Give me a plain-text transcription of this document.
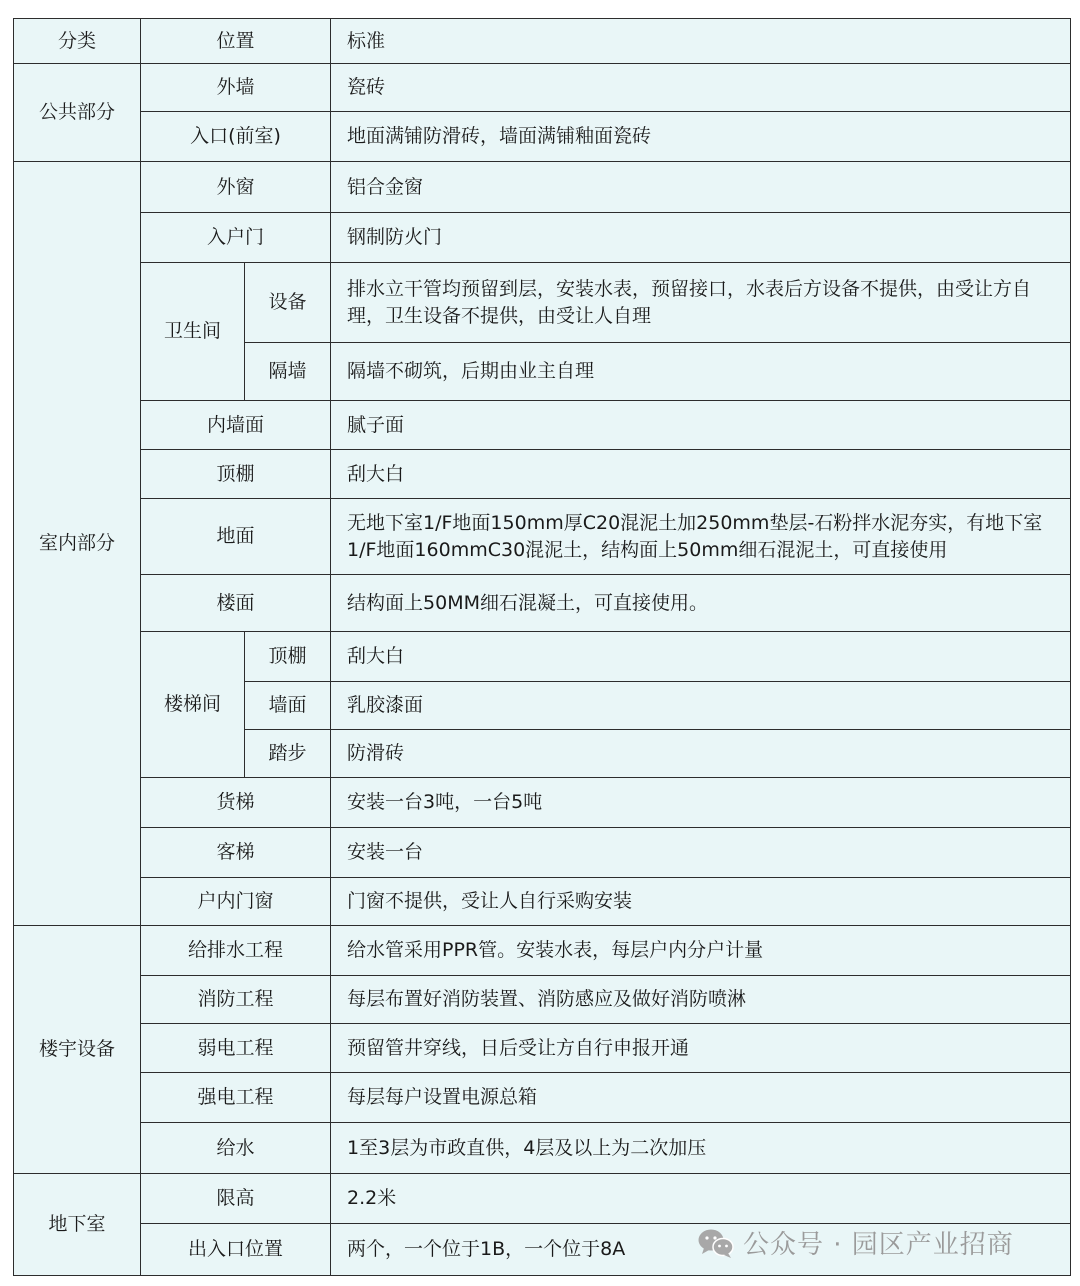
分类	位置		标准
公共部分	外墙		瓷砖
	入口(前室)		地面满铺防滑砖，墙面满铺釉面瓷砖
室内部分	外窗		铝合金窗
	入户门		钢制防火门
	卫生间	设备	排水立干管均预留到层，安装水表，预留接口，水表后方设备不提供，由受让方自理，卫生设备不提供，由受让人自理
		隔墙	隔墙不砌筑，后期由业主自理
	内墙面		腻子面
	顶棚		刮大白
	地面		无地下室1/F地面150mm厚C20混泥土加250mm垫层-石粉拌水泥夯实，有地下室1/F地面160mmC30混泥土，结构面上50mm细石混泥土，可直接使用
	楼面		结构面上50MM细石混凝土，可直接使用。
	楼梯间	顶棚	刮大白
		墙面	乳胶漆面
		踏步	防滑砖
	货梯		安装一台3吨，一台5吨
	客梯		安装一台
	户内门窗		门窗不提供，受让人自行采购安装
楼宇设备	给排水工程		给水管采用PPR管。安装水表，每层户内分户计量
	消防工程		每层布置好消防装置、消防感应及做好消防喷淋
	弱电工程		预留管井穿线，日后受让方自行申报开通
	强电工程		每层每户设置电源总箱
	给水		1至3层为市政直供，4层及以上为二次加压
地下室	限高		2.2米
	出入口位置		两个，一个位于1B，一个位于8A	公众号 · 园区产业招商
